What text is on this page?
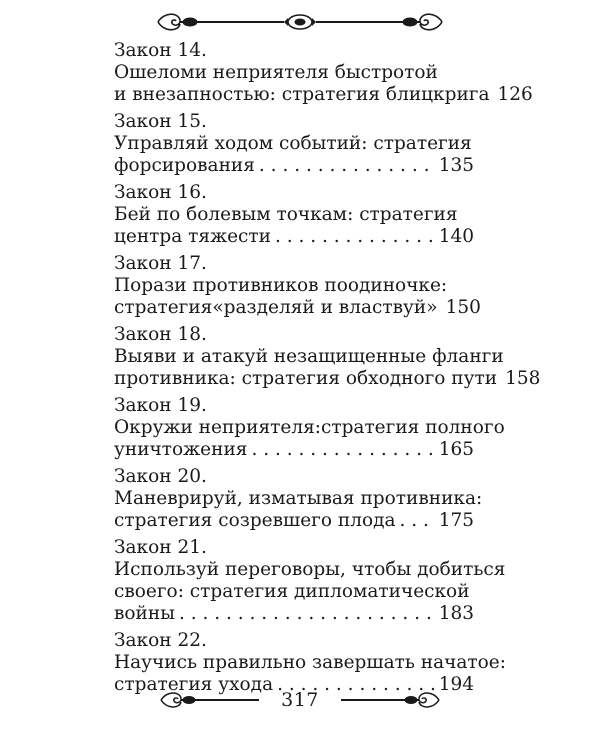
Закон 14.
Ошеломи неприятеля быстротой
и внезапностью: стратегия блицкрига 126
Закон 15.
Управляй ходом событий: стратегия
форсирования . . .	135
Закон 16.
Бей по болевым точкам: стратегия
центра тяжести . . .	140
Закон 17.
Порази противников поодиночке:
стратегия«разделяй и властвуй» 150
Закон 18.
Выяви и атакуй незащищенные фланги
противника: стратегия обходного пути 158
Закон 19.
Окружи неприятеля:стратегия полного
уничтожения . . .	165
Закон 20.
Маневрируй, изматывая противника:
стратегия созревшего плода . . . 175
Закон 21.
Используй переговоры, чтобы добиться
своего: стратегия дипломатической
войны . . .	183
Закон 22.
Научись правильно завершать начатое:
стратегия ухода . . .	194
317
